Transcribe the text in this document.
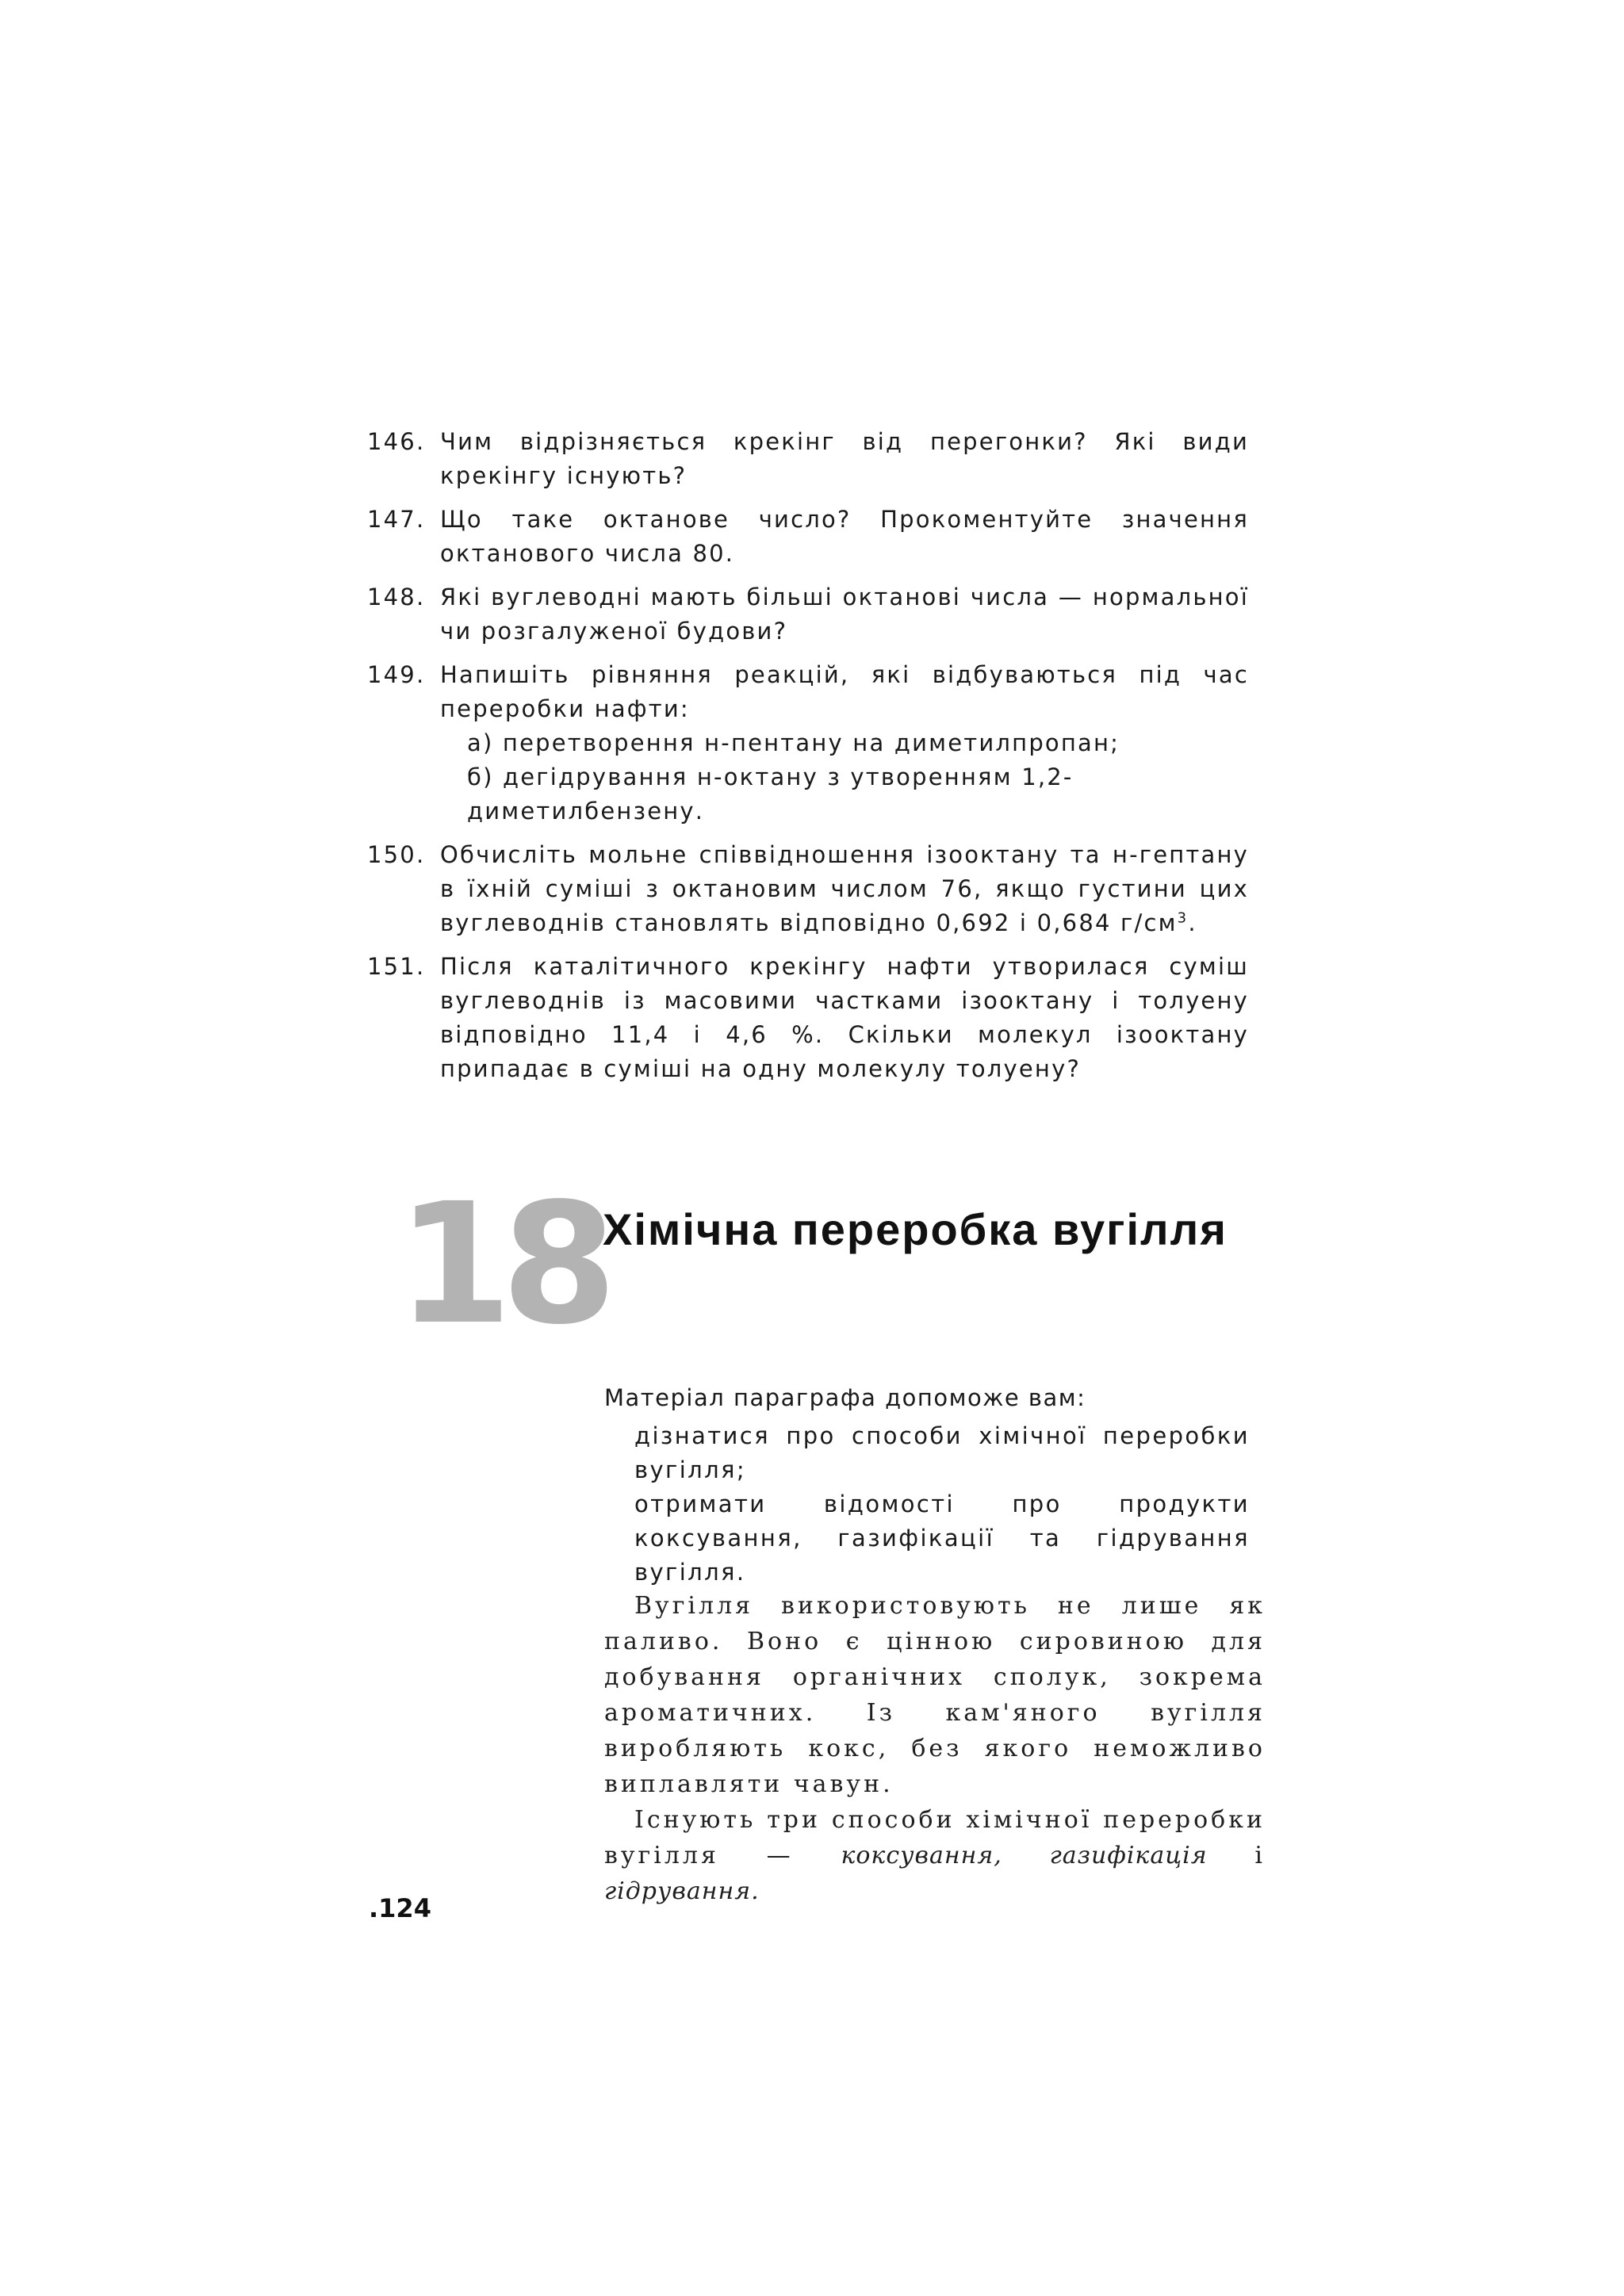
146. Чим відрізняється крекінг від перегонки? Які види крекінгу існують?
147. Що таке октанове число? Прокоментуйте значення октанового числа 80.
148. Які вуглеводні мають більші октанові числа — нормальної чи розгалуженої будови?
149. Напишіть рівняння реакцій, які відбуваються під час переробки нафти:
а) перетворення н-пентану на диметилпропан;
б) дегідрування н-октану з утворенням 1,2-диметилбензену.
150. Обчисліть мольне співвідношення ізооктану та н-гептану в їхній суміші з октановим числом 76, якщо густини цих вуглеводнів становлять відповідно 0,692 і 0,684 $г/см^3$.
151. Після каталітичного крекінгу нафти утворилася суміш вуглеводнів із масовими частками ізооктану і толуену відповідно 11,4 і 4,6 %. Скільки молекул ізооктану припадає в суміші на одну молекулу толуену?
18
Хімічна переробка вугілля
Матеріал параграфа допоможе вам:
дізнатися про способи хімічної переробки вугілля;
отримати відомості про продукти коксування, газифікації та гідрування вугілля.

Вугілля використовують не лише як паливо. Воно є цінною сировиною для добування органічних сполук, зокрема ароматичних. Із кам'яного вугілля виробляють кокс, без якого неможливо виплавляти чавун.

Існують три способи хімічної переробки вугілля — коксування, газифікація і гідрування.

.124
